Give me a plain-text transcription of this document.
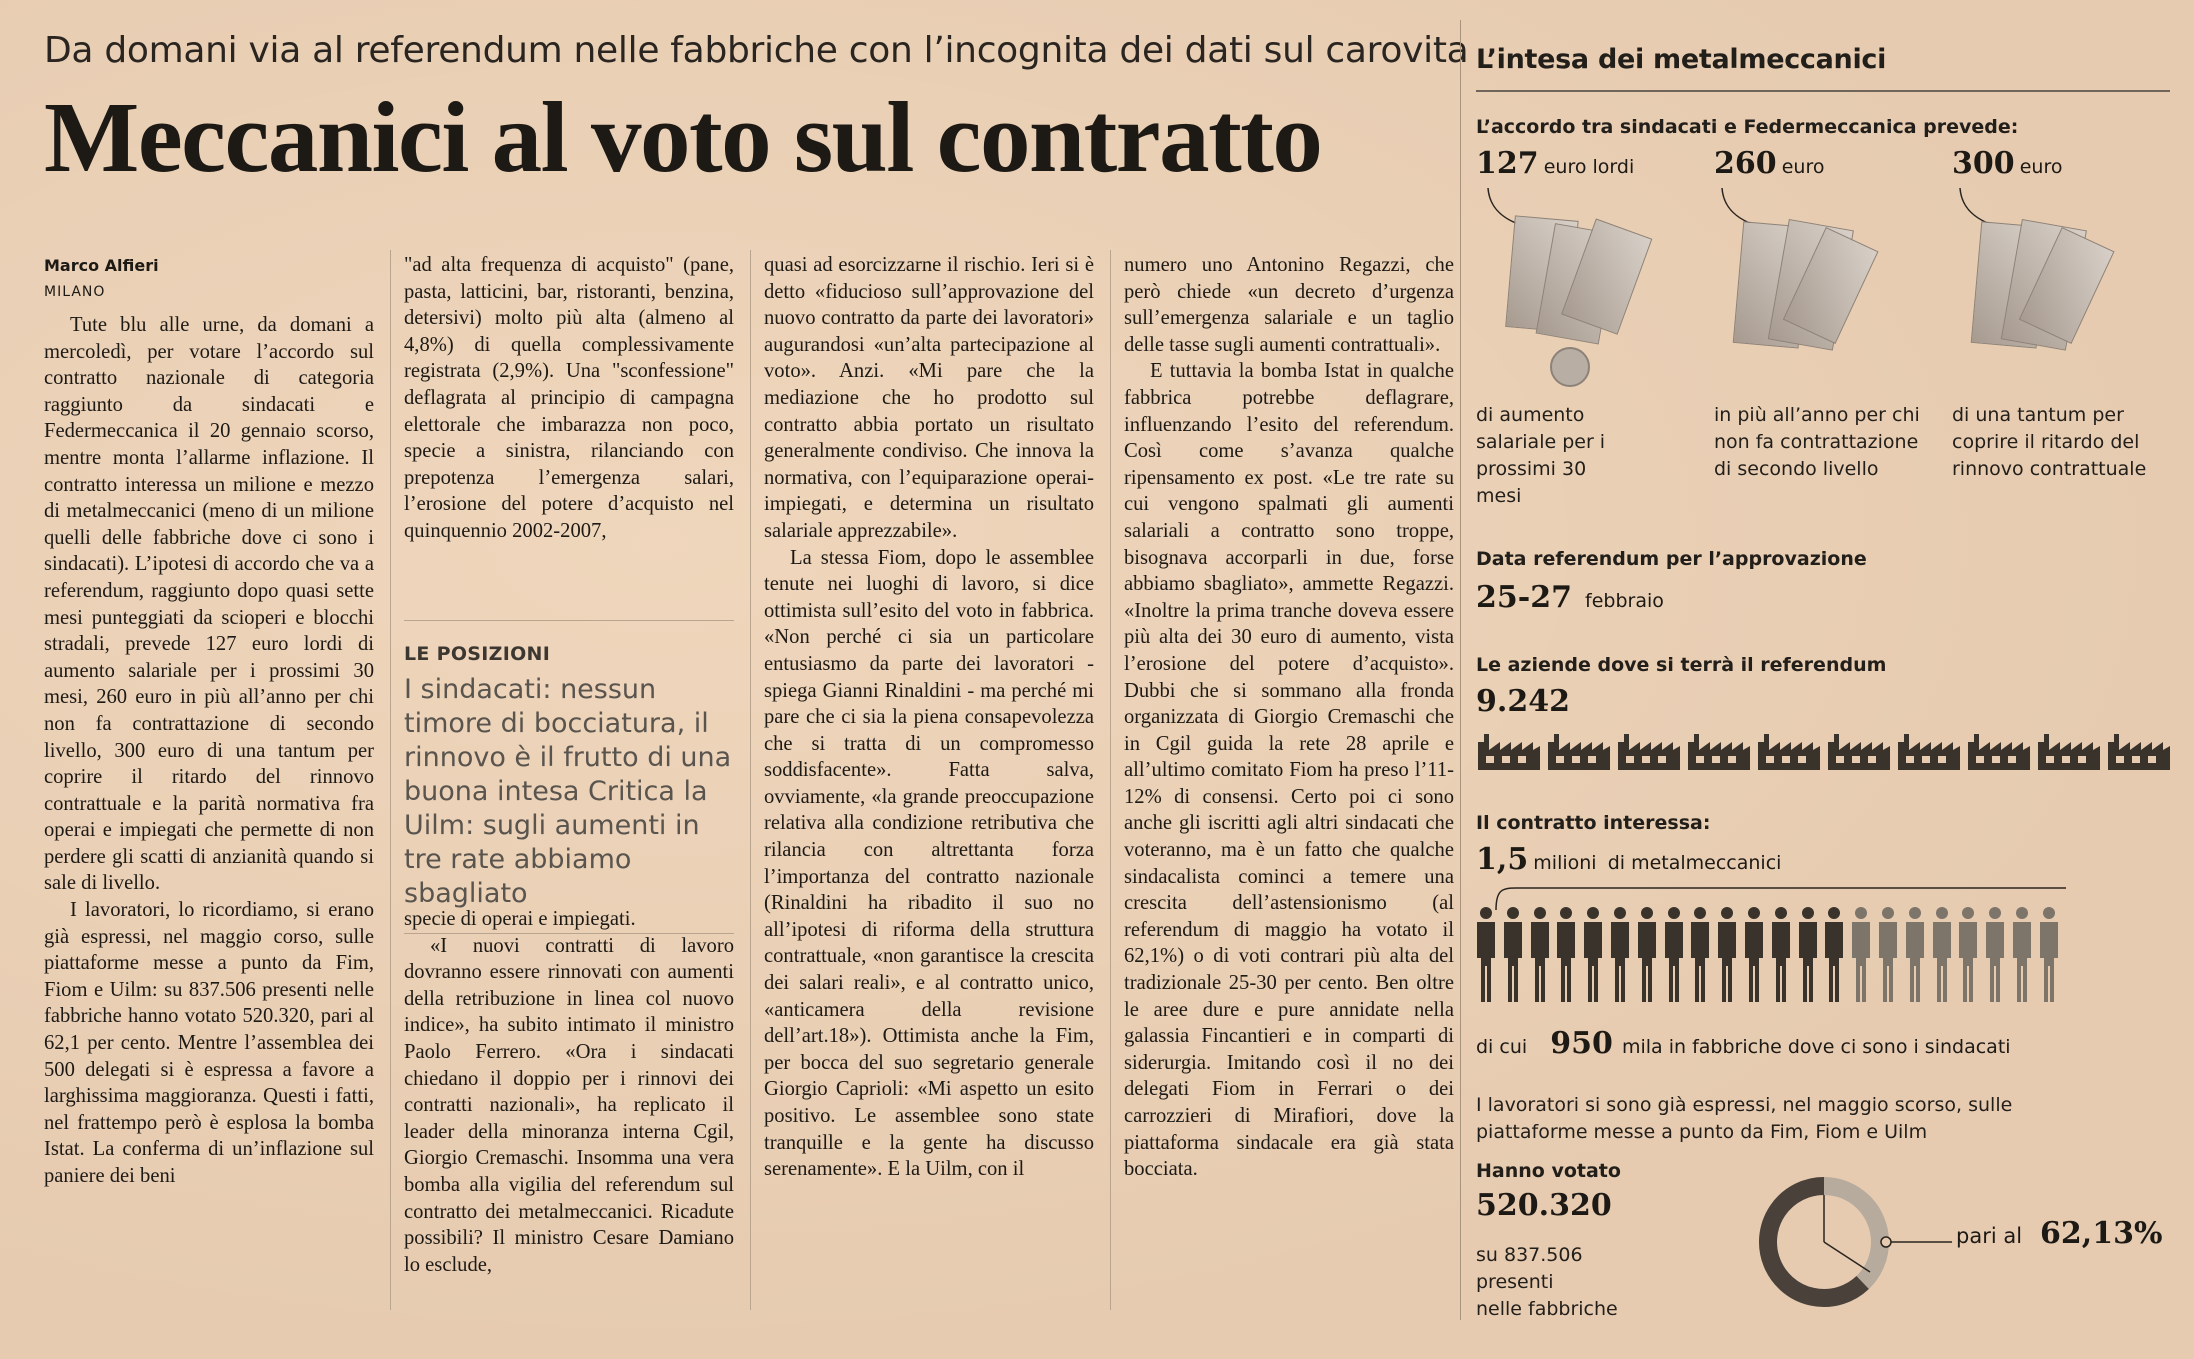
Da domani via al referendum nelle fabbriche con l’incognita dei dati sul carovita
Meccanici al voto sul contratto
Marco Alfieri
MILANO

Tute blu alle urne, da domani a mercoledì, per votare l’accordo sul contratto nazionale di categoria raggiunto da sindacati e Federmeccanica il 20 gennaio scorso, mentre monta l’allarme inflazione. Il contratto interessa un milione e mezzo di metalmeccanici (meno di un milione quelli delle fabbriche dove ci sono i sindacati). L’ipotesi di accordo che va a referendum, raggiunto dopo quasi sette mesi punteggiati da scioperi e blocchi stradali, prevede 127 euro lordi di aumento salariale per i prossimi 30 mesi, 260 euro in più all’anno per chi non fa contrattazione di secondo livello, 300 euro di una tantum per coprire il ritardo del rinnovo contrattuale e la parità normativa fra operai e impiegati che permette di non perdere gli scatti di anzianità quando si sale di livello.

I lavoratori, lo ricordiamo, si erano già espressi, nel maggio corso, sulle piattaforme messe a punto da Fim, Fiom e Uilm: su 837.506 presenti nelle fabbriche hanno votato 520.320, pari al 62,1 per cento. Mentre l’assemblea dei 500 delegati si è espressa a favore a larghissima maggioranza. Questi i fatti, nel frattempo però è esplosa la bomba Istat. La conferma di un’inflazione sul paniere dei beni

"ad alta frequenza di acquisto" (pane, pasta, latticini, bar, ristoranti, benzina, detersivi) molto più alta (almeno al 4,8%) di quella complessivamente registrata (2,9%). Una "sconfessione" deflagrata al principio di campagna elettorale che imbarazza non poco, specie a sinistra, rilanciando con prepotenza l’emergenza salari, l’erosione del potere d’acquisto nel quinquennio 2002-2007,

LE POSIZIONI
I sindacati: nessun timore di bocciatura, il rinnovo è il frutto di una buona intesa Critica la Uilm: sugli aumenti in tre rate abbiamo sbagliato

specie di operai e impiegati.

«I nuovi contratti di lavoro dovranno essere rinnovati con aumenti della retribuzione in linea col nuovo indice», ha subito intimato il ministro Paolo Ferrero. «Ora i sindacati chiedano il doppio per i rinnovi dei contratti nazionali», ha replicato il leader della minoranza interna Cgil, Giorgio Cremaschi. Insomma una vera bomba alla vigilia del referendum sul contratto dei metalmeccanici. Ricadute possibili? Il ministro Cesare Damiano lo esclude,

quasi ad esorcizzarne il rischio. Ieri si è detto «fiducioso sull’approvazione del nuovo contratto da parte dei lavoratori» augurandosi «un’alta partecipazione al voto». Anzi. «Mi pare che la mediazione che ho prodotto sul contratto abbia portato un risultato generalmente condiviso. Che innova la normativa, con l’equiparazione operai-impiegati, e determina un risultato salariale apprezzabile».

La stessa Fiom, dopo le assemblee tenute nei luoghi di lavoro, si dice ottimista sull’esito del voto in fabbrica. «Non perché ci sia un particolare entusiasmo da parte dei lavoratori - spiega Gianni Rinaldini - ma perché mi pare che ci sia la piena consapevolezza che si tratta di un compromesso soddisfacente». Fatta salva, ovviamente, «la grande preoccupazione relativa alla condizione retributiva che rilancia con altrettanta forza l’importanza del contratto nazionale (Rinaldini ha ribadito il suo no all’ipotesi di riforma della struttura contrattuale, «non garantisce la crescita dei salari reali», e al contratto unico, «anticamera della revisione dell’art.18»). Ottimista anche la Fim, per bocca del suo segretario generale Giorgio Caprioli: «Mi aspetto un esito positivo. Le assemblee sono state tranquille e la gente ha discusso serenamente». E la Uilm, con il

numero uno Antonino Regazzi, che però chiede «un decreto d’urgenza sull’emergenza salariale e un taglio delle tasse sugli aumenti contrattuali».

E tuttavia la bomba Istat in qualche fabbrica potrebbe deflagrare, influenzando l’esito del referendum. Così come s’avanza qualche ripensamento ex post. «Le tre rate su cui vengono spalmati gli aumenti salariali a contratto sono troppe, bisognava accorparli in due, forse abbiamo sbagliato», ammette Regazzi. «Inoltre la prima tranche doveva essere più alta dei 30 euro di aumento, vista l’erosione del potere d’acquisto». Dubbi che si sommano alla fronda organizzata di Giorgio Cremaschi che in Cgil guida la rete 28 aprile e all’ultimo comitato Fiom ha preso l’11-12% di consensi. Certo poi ci sono anche gli iscritti agli altri sindacati che voteranno, ma è un fatto che qualche sindacalista cominci a temere una crescita dell’astensionismo (al referendum di maggio ha votato il 62,1%) o di voti contrari più alta del tradizionale 25-30 per cento. Ben oltre le aree dure e pure annidate nella galassia Fincantieri e in comparti di siderurgia. Imitando così il no dei delegati Fiom in Ferrari o dei carrozzieri di Mirafiori, dove la piattaforma sindacale era già stata bocciata.

L’intesa dei metalmeccanici
L’accordo tra sindacati e Federmeccanica prevede:
127 euro lordi
di aumento salariale per i prossimi 30 mesi
260 euro
in più all’anno per chi non fa contrattazione di secondo livello
300 euro
di una tantum per coprire il ritardo del rinnovo contrattuale
Data referendum per l’approvazione
25-27 febbraio
Le aziende dove si terrà il referendum
9.242
Il contratto interessa:
1,5 milioni di metalmeccanici
di cui 950 mila in fabbriche dove ci sono i sindacati
I lavoratori si sono già espressi, nel maggio scorso, sulle piattaforme messe a punto da Fim, Fiom e Uilm
Hanno votato
520.320
su 837.506
presenti
nelle fabbriche
pari al 62,13%
